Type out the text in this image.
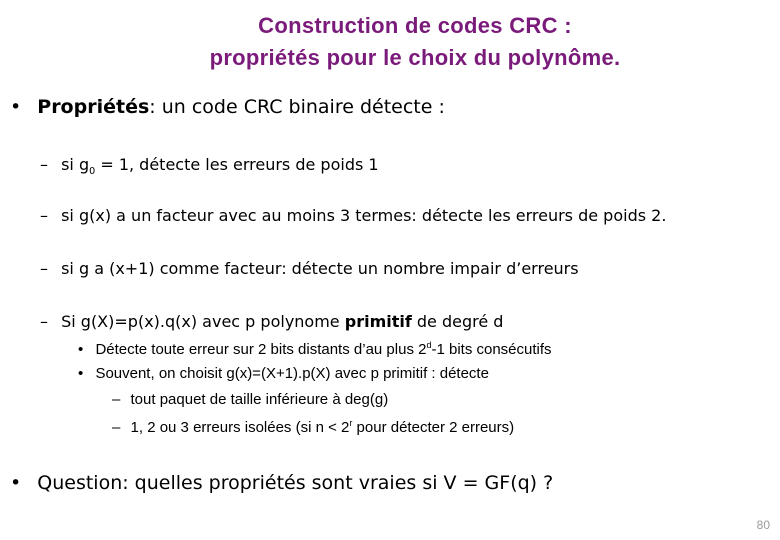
Construction de codes CRC :
propriétés pour le choix du polynôme.
• Propriétés: un code CRC binaire détecte :
– si $g_0 = 1$, détecte les erreurs de poids 1
– si g(x) a un facteur avec au moins 3 termes: détecte les erreurs de poids 2.
– si g a (x+1) comme facteur: détecte un nombre impair d’erreurs
– Si g(X)=p(x).q(x) avec p polynome primitif de degré d
• Détecte toute erreur sur 2 bits distants d’au plus 2$^d$-1 bits consécutifs
• Souvent, on choisit g(x)=(X+1).p(X) avec p primitif : détecte
– tout paquet de taille inférieure à deg(g)
– 1, 2 ou 3 erreurs isolées (si $n < 2^r$ pour détecter 2 erreurs)
• Question: quelles propriétés sont vraies si V = GF(q) ?
80
